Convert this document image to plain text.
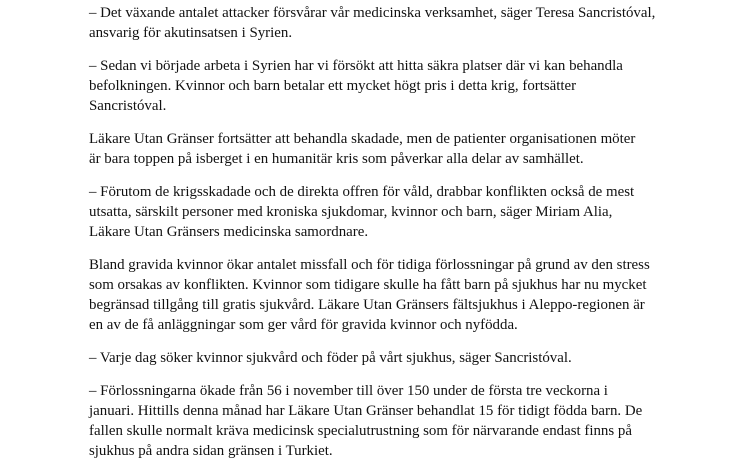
– Det växande antalet attacker försvårar vår medicinska verksamhet, säger Teresa Sancristóval,
ansvarig för akutinsatsen i Syrien.

– Sedan vi började arbeta i Syrien har vi försökt att hitta säkra platser där vi kan behandla
befolkningen. Kvinnor och barn betalar ett mycket högt pris i detta krig, fortsätter
Sancristóval.

Läkare Utan Gränser fortsätter att behandla skadade, men de patienter organisationen möter
är bara toppen på isberget i en humanitär kris som påverkar alla delar av samhället.

– Förutom de krigsskadade och de direkta offren för våld, drabbar konflikten också de mest
utsatta, särskilt personer med kroniska sjukdomar, kvinnor och barn, säger Miriam Alia,
Läkare Utan Gränsers medicinska samordnare.

Bland gravida kvinnor ökar antalet missfall och för tidiga förlossningar på grund av den stress
som orsakas av konflikten. Kvinnor som tidigare skulle ha fått barn på sjukhus har nu mycket
begränsad tillgång till gratis sjukvård. Läkare Utan Gränsers fältsjukhus i Aleppo-regionen är
en av de få anläggningar som ger vård för gravida kvinnor och nyfödda.

– Varje dag söker kvinnor sjukvård och föder på vårt sjukhus, säger Sancristóval.

– Förlossningarna ökade från 56 i november till över 150 under de första tre veckorna i
januari. Hittills denna månad har Läkare Utan Gränser behandlat 15 för tidigt födda barn. De
fallen skulle normalt kräva medicinsk specialutrustning som för närvarande endast finns på
sjukhus på andra sidan gränsen i Turkiet.
